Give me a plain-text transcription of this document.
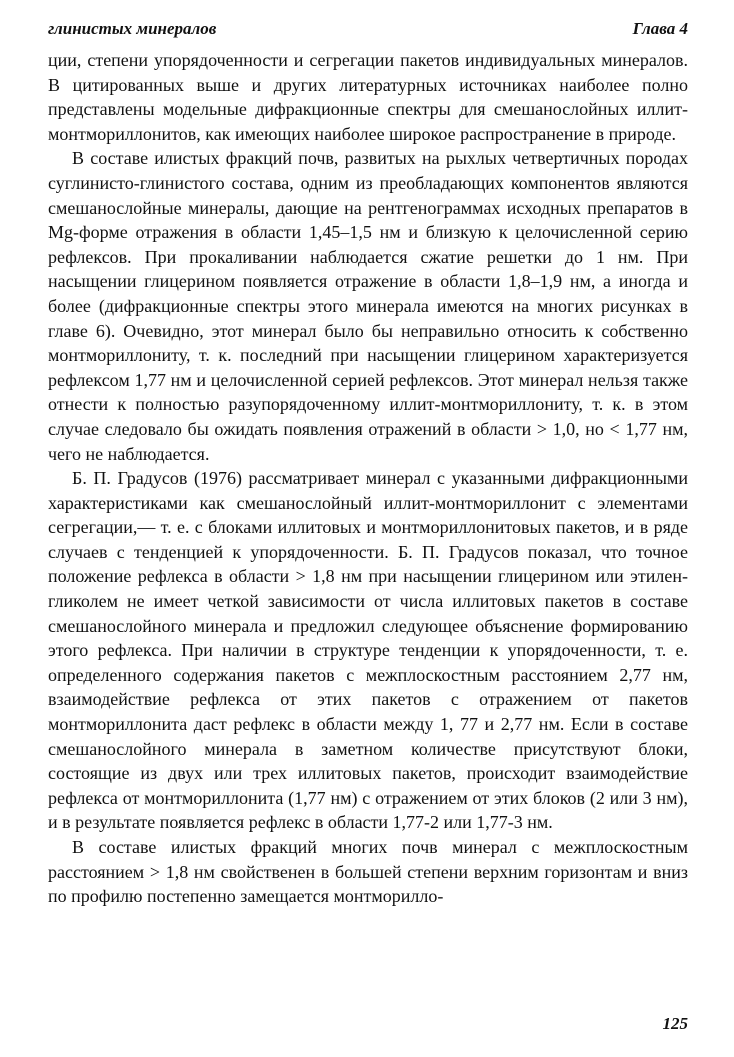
глинистых минералов	Глава 4

ции, степени упорядоченности и сегрегации пакетов индивидуальных минералов. В цитированных выше и других литературных источниках наиболее полно представлены модельные дифракционные спектры для смешанослойных иллит-монтмориллонитов, как имеющих наиболее широкое распространение в природе.

В составе илистых фракций почв, развитых на рыхлых четвертичных породах суглинисто-глинистого состава, одним из преобладающих компонентов являются смешанослойные минералы, дающие на рентгенограммах исходных препаратов в Mg-форме отражения в области 1,45–1,5 нм и близкую к целочисленной серию рефлексов. При прокаливании наблюдается сжатие решетки до 1 нм. При насыщении глицерином появляется отражение в области 1,8–1,9 нм, а иногда и более (дифракционные спектры этого минерала имеются на многих рисунках в главе 6). Очевидно, этот минерал было бы неправильно относить к собственно монтмориллониту, т. к. последний при насыщении глицерином характеризуется рефлексом 1,77 нм и целочисленной серией рефлексов. Этот минерал нельзя также отнести к полностью разупорядоченному иллит-монтмориллониту, т. к. в этом случае следовало бы ожидать появления отражений в области > 1,0, но < 1,77 нм, чего не наблюдается.

Б. П. Градусов (1976) рассматривает минерал с указанными дифракционными характеристиками как смешанослойный иллит-монтмориллонит с элементами сегрегации,— т. е. с блоками иллитовых и монтмориллонитовых пакетов, и в ряде случаев с тенденцией к упорядоченности. Б. П. Градусов показал, что точное положение рефлекса в области > 1,8 нм при насыщении глицерином или этилен-гликолем не имеет четкой зависимости от числа иллитовых пакетов в составе смешанослойного минерала и предложил следующее объяснение формированию этого рефлекса. При наличии в структуре тенденции к упорядоченности, т. е. определенного содержания пакетов с межплоскостным расстоянием 2,77 нм, взаимодействие рефлекса от этих пакетов с отражением от пакетов монтмориллонита даст рефлекс в области между 1, 77 и 2,77 нм. Если в составе смешанослойного минерала в заметном количестве присутствуют блоки, состоящие из двух или трех иллитовых пакетов, происходит взаимодействие рефлекса от монтмориллонита (1,77 нм) с отражением от этих блоков (2 или 3 нм), и в результате появляется рефлекс в области 1,77-2 или 1,77-3 нм.

В составе илистых фракций многих почв минерал с межплоскостным расстоянием > 1,8 нм свойственен в большей степени верхним горизонтам и вниз по профилю постепенно замещается монтморилло-

125
